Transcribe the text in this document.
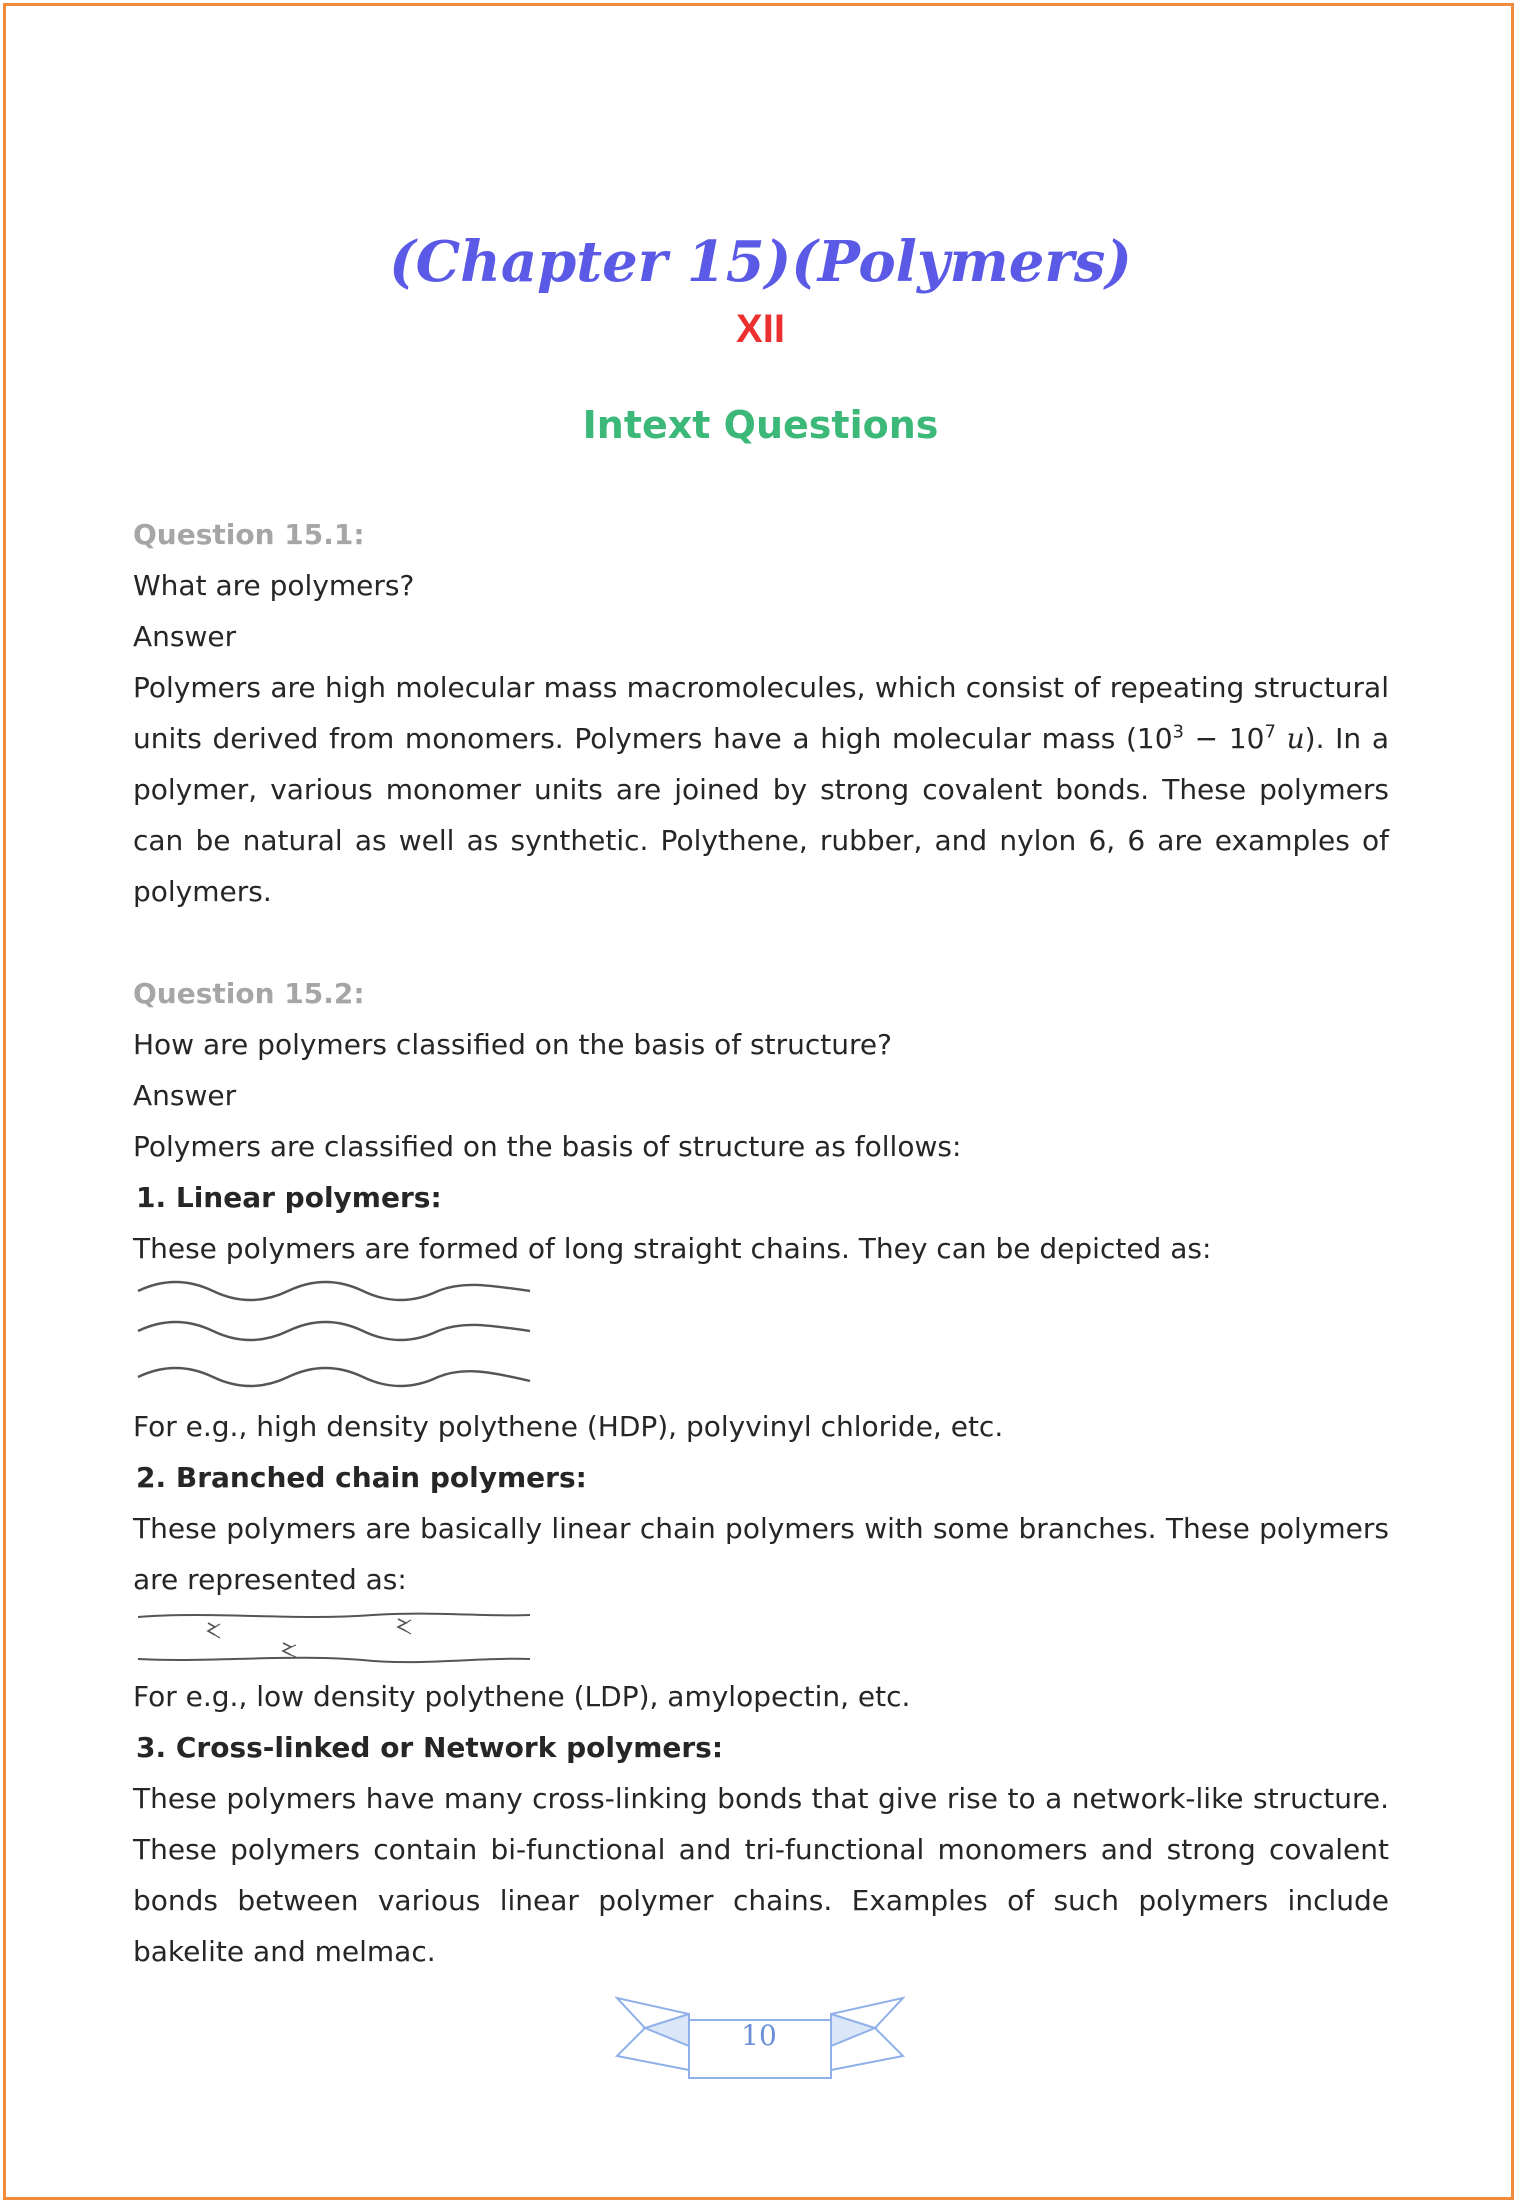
(Chapter 15)(Polymers)
XII
Intext Questions
Question 15.1:
What are polymers?
Answer
Polymers are high molecular mass macromolecules, which consist of repeating structural units derived from monomers. Polymers have a high molecular mass ($10^3 - 10^7$ u). In a polymer, various monomer units are joined by strong covalent bonds. These polymers can be natural as well as synthetic. Polythene, rubber, and nylon 6, 6 are examples of polymers.
Question 15.2:
How are polymers classified on the basis of structure?
Answer
Polymers are classified on the basis of structure as follows:
1. Linear polymers:
These polymers are formed of long straight chains. They can be depicted as:
For e.g., high density polythene (HDP), polyvinyl chloride, etc.
2. Branched chain polymers:
These polymers are basically linear chain polymers with some branches. These polymers are represented as:
For e.g., low density polythene (LDP), amylopectin, etc.
3. Cross-linked or Network polymers:
These polymers have many cross-linking bonds that give rise to a network-like structure. These polymers contain bi-functional and tri-functional monomers and strong covalent bonds between various linear polymer chains. Examples of such polymers include bakelite and melmac.
10
